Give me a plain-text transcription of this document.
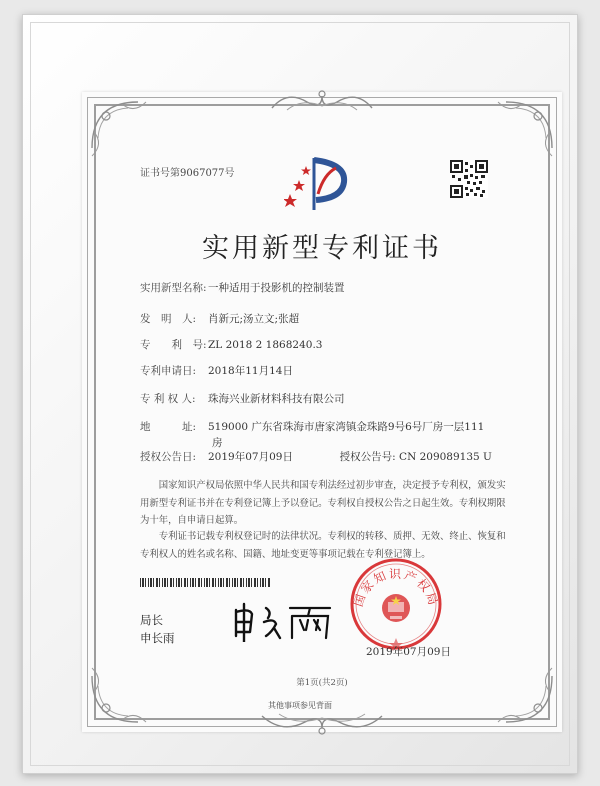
证书号第9067077号
实用新型专利证书
实用新型名称:一种适用于投影机的控制装置
发　明　人: 肖新元;汤立文;张超
专　　利　号:ZL 2018 2 1868240.3
专利申请日: 2018年11月14日
专 利 权 人: 珠海兴业新材料科技有限公司
地　　　址: 519000 广东省珠海市唐家湾镇金珠路9号6号厂房一层111
房
授权公告日: 2019年07月09日	授权公告号: CN 209089135 U
国家知识产权局依照中华人民共和国专利法经过初步审查，决定授予专利权，颁发实用新型专利证书并在专利登记簿上予以登记。专利权自授权公告之日起生效。专利权期限为十年，自申请日起算。
专利证书记载专利权登记时的法律状况。专利权的转移、质押、无效、终止、恢复和专利权人的姓名或名称、国籍、地址变更等事项记载在专利登记簿上。
局长
申长雨
国家知识产权局
2019年07月09日
第1页(共2页)
其他事项参见背面
